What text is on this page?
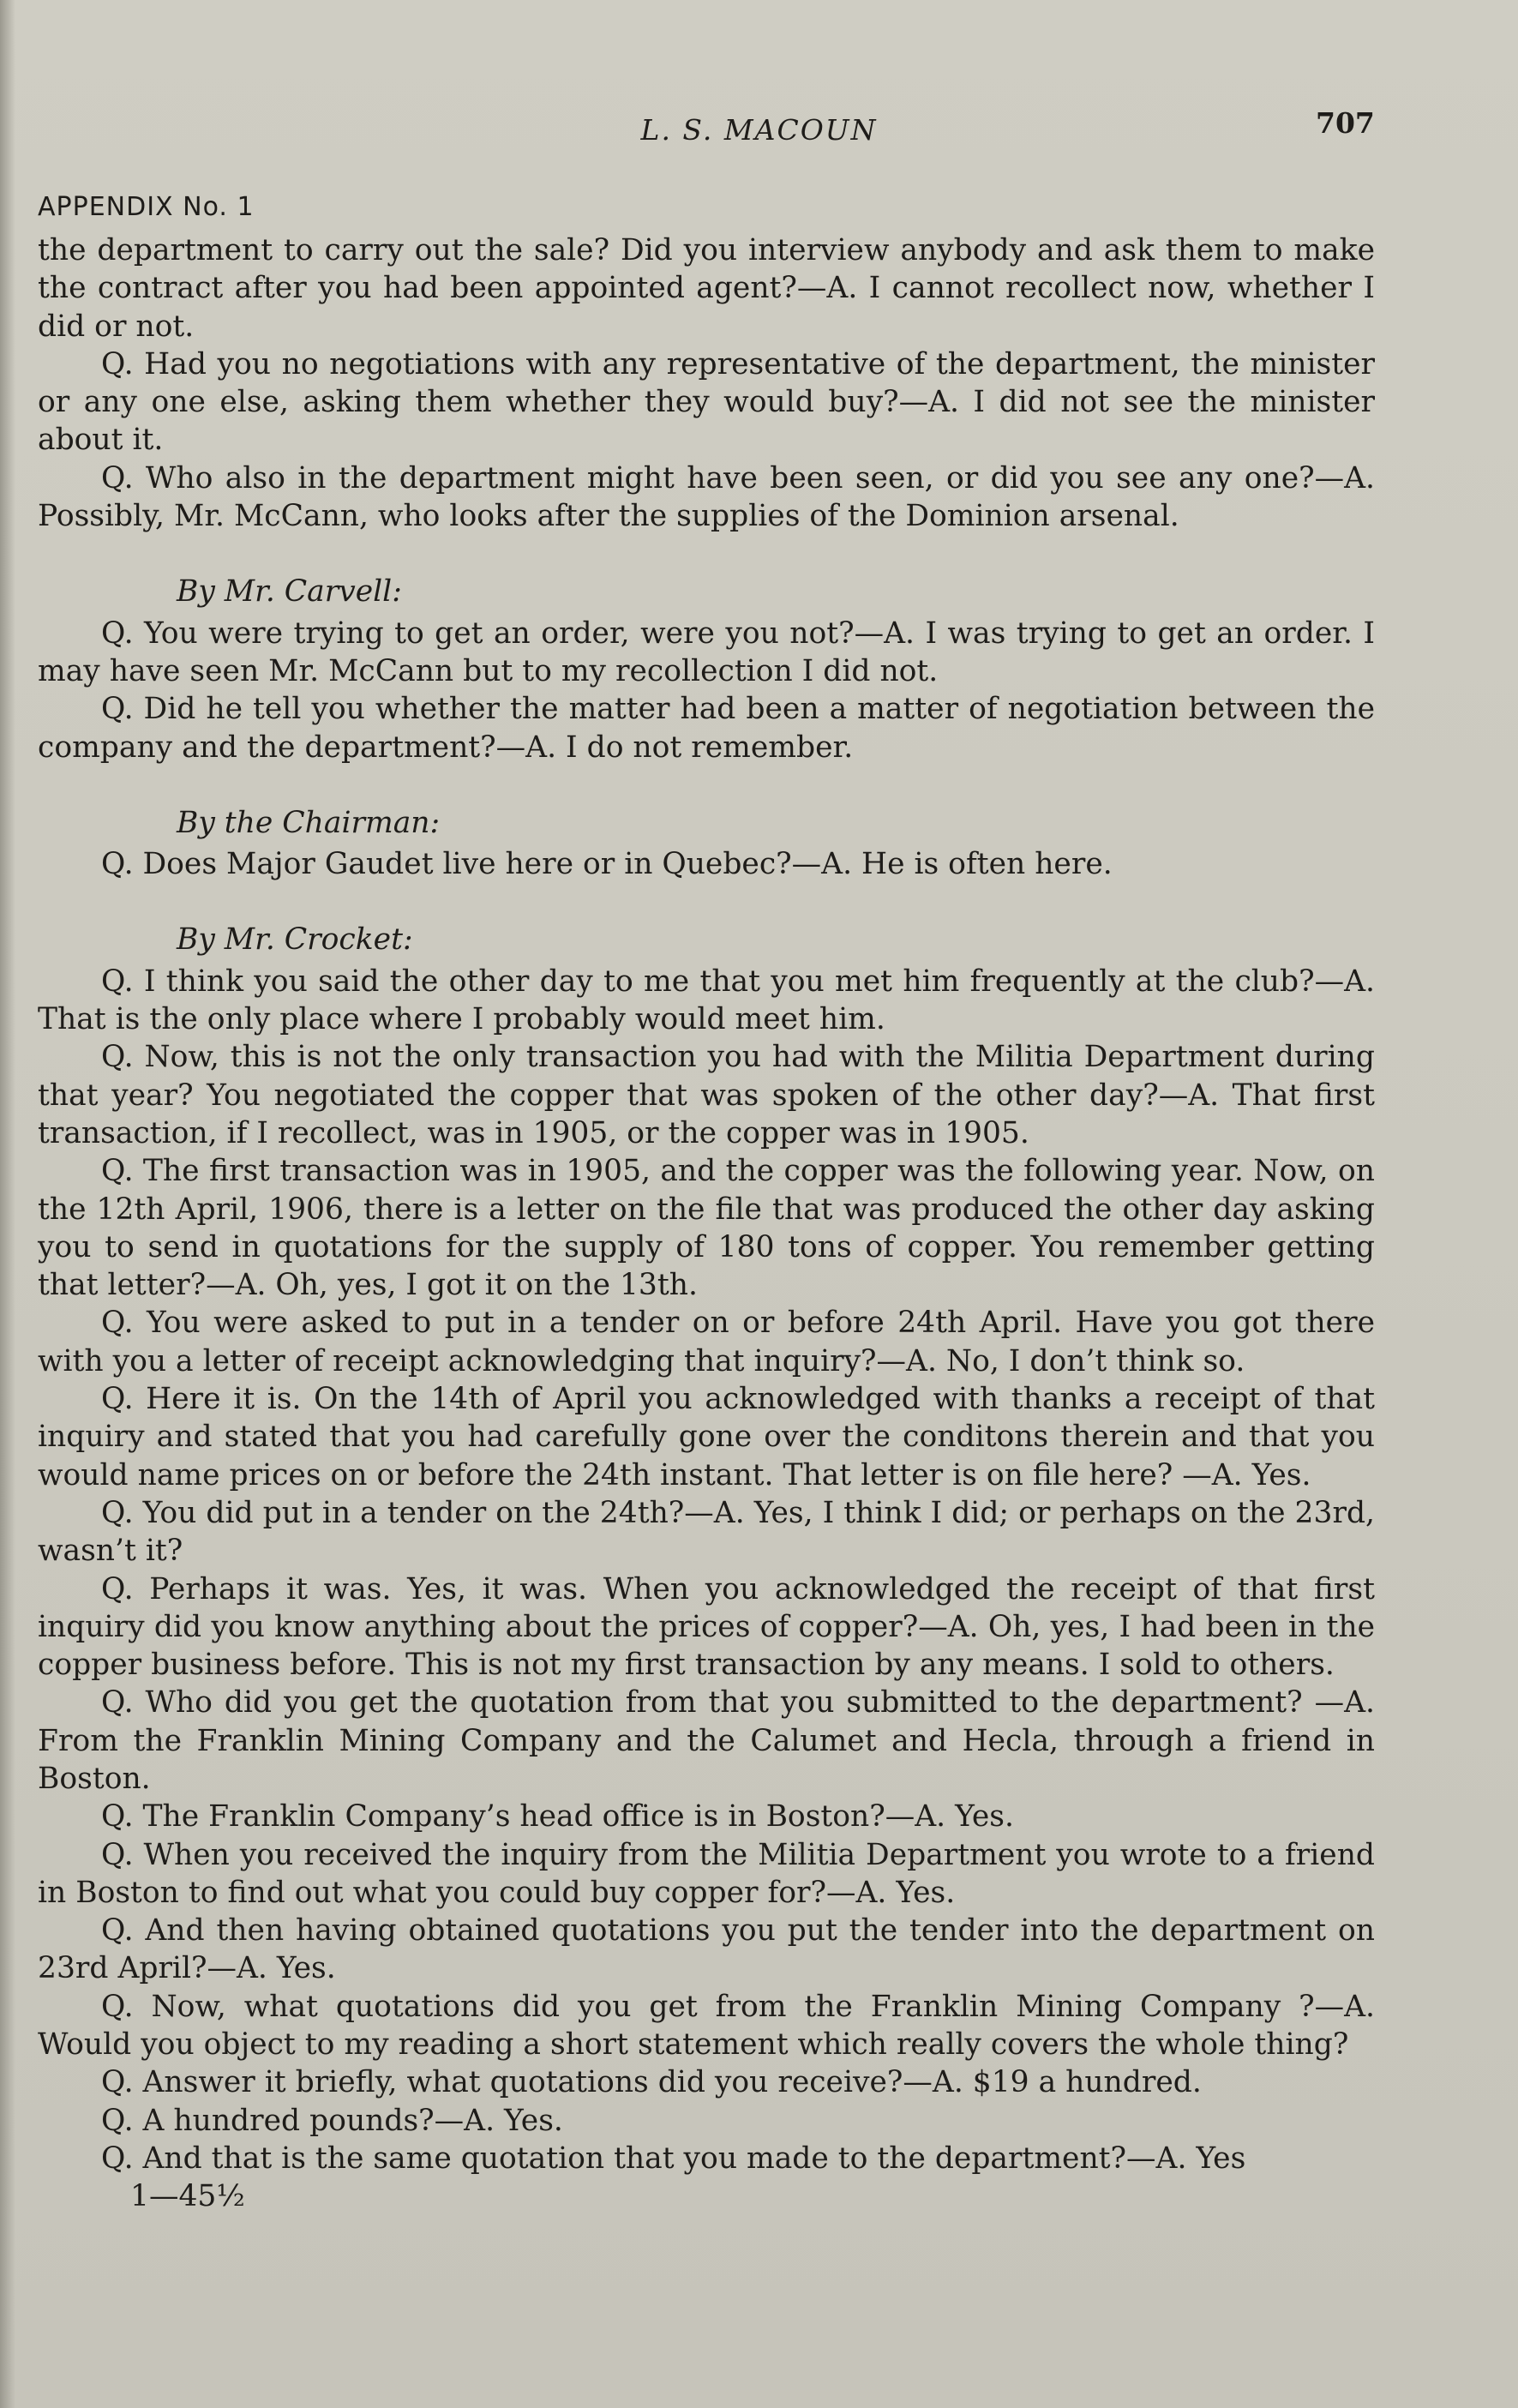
L. S. MACOUN	707
APPENDIX No. 1

the department to carry out the sale? Did you interview anybody and ask them to make the contract after you had been appointed agent?—A. I cannot recollect now, whether I did or not.

Q. Had you no negotiations with any representative of the department, the minister or any one else, asking them whether they would buy?—A. I did not see the minister about it.

Q. Who also in the department might have been seen, or did you see any one?—A. Possibly, Mr. McCann, who looks after the supplies of the Dominion arsenal.

By Mr. Carvell:

Q. You were trying to get an order, were you not?—A. I was trying to get an order. I may have seen Mr. McCann but to my recollection I did not.

Q. Did he tell you whether the matter had been a matter of negotiation between the company and the department?—A. I do not remember.

By the Chairman:

Q. Does Major Gaudet live here or in Quebec?—A. He is often here.

By Mr. Crocket:

Q. I think you said the other day to me that you met him frequently at the club?—A. That is the only place where I probably would meet him.

Q. Now, this is not the only transaction you had with the Militia Department during that year? You negotiated the copper that was spoken of the other day?—A. That first transaction, if I recollect, was in 1905, or the copper was in 1905.

Q. The first transaction was in 1905, and the copper was the following year. Now, on the 12th April, 1906, there is a letter on the file that was produced the other day asking you to send in quotations for the supply of 180 tons of copper. You remember getting that letter?—A. Oh, yes, I got it on the 13th.

Q. You were asked to put in a tender on or before 24th April. Have you got there with you a letter of receipt acknowledging that inquiry?—A. No, I don’t think so.

Q. Here it is. On the 14th of April you acknowledged with thanks a receipt of that inquiry and stated that you had carefully gone over the conditons therein and that you would name prices on or before the 24th instant. That letter is on file here? —A. Yes.

Q. You did put in a tender on the 24th?—A. Yes, I think I did; or perhaps on the 23rd, wasn’t it?

Q. Perhaps it was. Yes, it was. When you acknowledged the receipt of that first inquiry did you know anything about the prices of copper?—A. Oh, yes, I had been in the copper business before. This is not my first transaction by any means. I sold to others.

Q. Who did you get the quotation from that you submitted to the department? —A. From the Franklin Mining Company and the Calumet and Hecla, through a friend in Boston.

Q. The Franklin Company’s head office is in Boston?—A. Yes.

Q. When you received the inquiry from the Militia Department you wrote to a friend in Boston to find out what you could buy copper for?—A. Yes.

Q. And then having obtained quotations you put the tender into the department on 23rd April?—A. Yes.

Q. Now, what quotations did you get from the Franklin Mining Company ?—A. Would you object to my reading a short statement which really covers the whole thing?

Q. Answer it briefly, what quotations did you receive?—A. $19 a hundred.

Q. A hundred pounds?—A. Yes.

Q. And that is the same quotation that you made to the department?—A. Yes

1—45½
